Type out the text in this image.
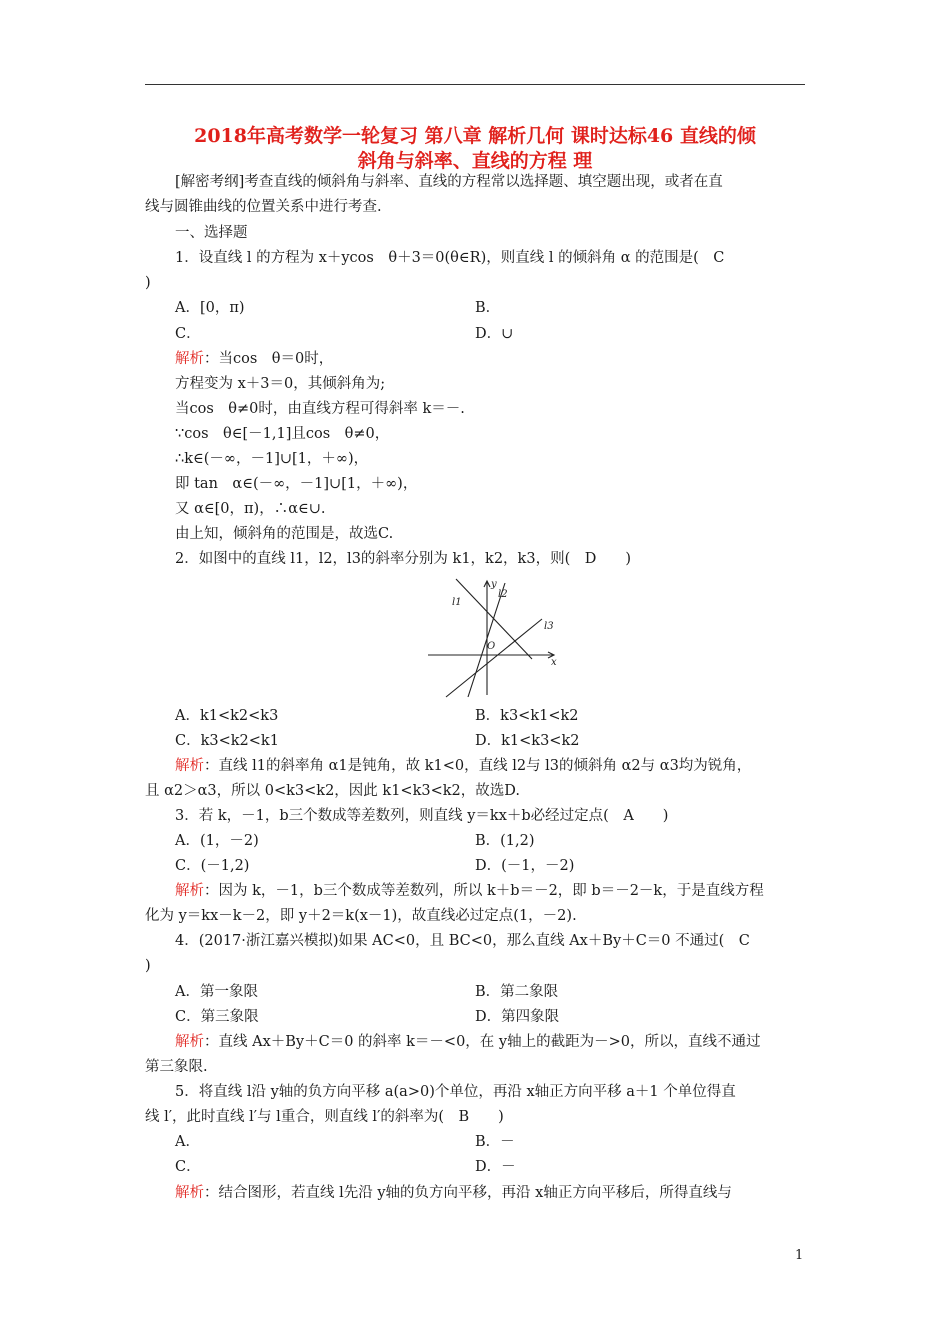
2018年高考数学一轮复习 第八章 解析几何 课时达标46 直线的倾
斜角与斜率、直线的方程 理
[解密考纲]考查直线的倾斜角与斜率、直线的方程常以选择题、填空题出现，或者在直
线与圆锥曲线的位置关系中进行考查.
一、选择题
1．设直线 l 的方程为 x＋ycos　θ＋3＝0(θ∈R)，则直线 l 的倾斜角 α 的范围是(　C
)
A．[0，π)	B．
C．	D．∪
解析：当cos　θ＝0时，
方程变为 x＋3＝0，其倾斜角为;
当cos　θ≠0时，由直线方程可得斜率 k＝－.
∵cos　θ∈[－1,1]且cos　θ≠0，
∴k∈(－∞，－1]∪[1，＋∞)，
即 tan　α∈(－∞，－1]∪[1，＋∞)，
又 α∈[0，π)，∴α∈∪.
由上知，倾斜角的范围是，故选C.
2．如图中的直线 l1，l2，l3的斜率分别为 k1，k2，k3，则(　D　　)
l1
l2
l3
y
x
O
A．k1<k2<k3	B．k3<k1<k2
C．k3<k2<k1	D．k1<k3<k2
解析：直线 l1的斜率角 α1是钝角，故 k1<0，直线 l2与 l3的倾斜角 α2与 α3均为锐角，
且 α2＞α3，所以 0<k3<k2，因此 k1<k3<k2，故选D.
3．若 k，－1，b三个数成等差数列，则直线 y＝kx＋b必经过定点(　A　　)
A．(1，－2)	B．(1,2)
C．(－1,2)	D．(－1，－2)
解析：因为 k，－1，b三个数成等差数列，所以 k＋b＝－2，即 b＝－2－k，于是直线方程
化为 y＝kx－k－2，即 y＋2＝k(x－1)，故直线必过定点(1，－2).
4．(2017·浙江嘉兴模拟)如果 AC<0，且 BC<0，那么直线 Ax＋By＋C＝0 不通过(　C
)
A．第一象限	B．第二象限
C．第三象限	D．第四象限
解析：直线 Ax＋By＋C＝0 的斜率 k＝－<0，在 y轴上的截距为－>0，所以，直线不通过
第三象限.
5．将直线 l沿 y轴的负方向平移 a(a>0)个单位，再沿 x轴正方向平移 a＋1 个单位得直
线 l′，此时直线 l′与 l重合，则直线 l′的斜率为(　B　　)
A．	B．－
C．	D．－
解析：结合图形，若直线 l先沿 y轴的负方向平移，再沿 x轴正方向平移后，所得直线与
1
